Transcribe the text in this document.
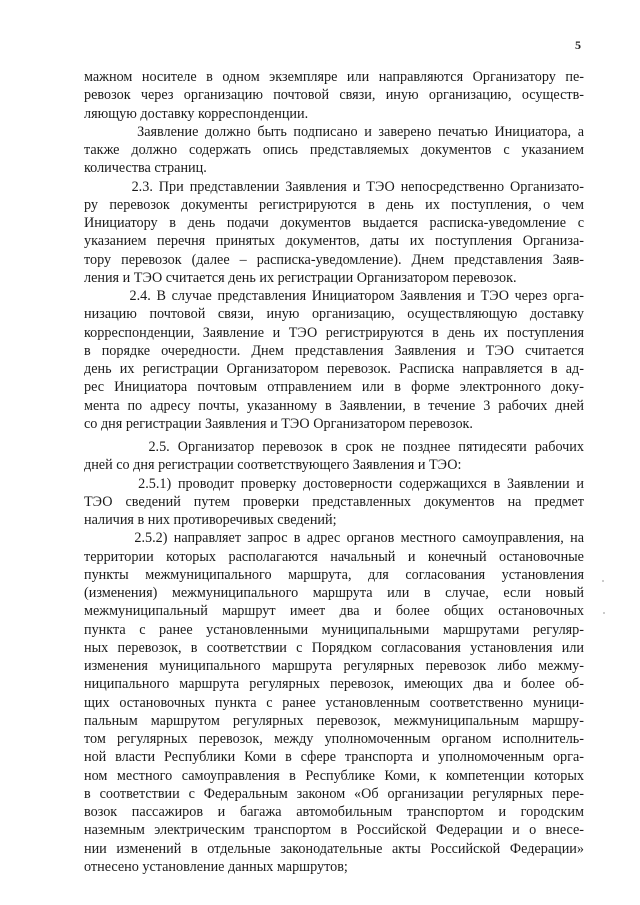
5
мажном носителе в одном экземпляре или направляются Организатору пе-
ревозок через организацию почтовой связи, иную организацию, осуществ-
ляющую доставку корреспонденции.
Заявление должно быть подписано и заверено печатью Инициатора, а
также должно содержать опись представляемых документов с указанием
количества страниц.
2.3. При представлении Заявления и ТЭО непосредственно Организато-
ру перевозок документы регистрируются в день их поступления, о чем
Инициатору в день подачи документов выдается расписка-уведомление с
указанием перечня принятых документов, даты их поступления Организа-
тору перевозок (далее – расписка-уведомление). Днем представления Заяв-
ления и ТЭО считается день их регистрации Организатором перевозок.
2.4. В случае представления Инициатором Заявления и ТЭО через орга-
низацию почтовой связи, иную организацию, осуществляющую доставку
корреспонденции, Заявление и ТЭО регистрируются в день их поступления
в порядке очередности. Днем представления Заявления и ТЭО считается
день их регистрации Организатором перевозок. Расписка направляется в ад-
рес Инициатора почтовым отправлением или в форме электронного доку-
мента по адресу почты, указанному в Заявлении, в течение 3 рабочих дней
со дня регистрации Заявления и ТЭО Организатором перевозок.
2.5. Организатор перевозок в срок не позднее пятидесяти рабочих
дней со дня регистрации соответствующего Заявления и ТЭО:
2.5.1) проводит проверку достоверности содержащихся в Заявлении и
ТЭО сведений путем проверки представленных документов на предмет
наличия в них противоречивых сведений;
2.5.2) направляет запрос в адрес органов местного самоуправления, на
территории которых располагаются начальный и конечный остановочные
пункты межмуниципального маршрута, для согласования установления
(изменения) межмуниципального маршрута или в случае, если новый
межмуниципальный маршрут имеет два и более общих остановочных
пункта с ранее установленными муниципальными маршрутами регуляр-
ных перевозок, в соответствии с Порядком согласования установления или
изменения муниципального маршрута регулярных перевозок либо межму-
ниципального маршрута регулярных перевозок, имеющих два и более об-
щих остановочных пункта с ранее установленным соответственно муници-
пальным маршрутом регулярных перевозок, межмуниципальным маршру-
том регулярных перевозок, между уполномоченным органом исполнитель-
ной власти Республики Коми в сфере транспорта и уполномоченным орга-
ном местного самоуправления в Республике Коми, к компетенции которых
в соответствии с Федеральным законом «Об организации регулярных пере-
возок пассажиров и багажа автомобильным транспортом и городским
наземным электрическим транспортом в Российской Федерации и о внесе-
нии изменений в отдельные законодательные акты Российской Федерации»
отнесено установление данных маршрутов;
